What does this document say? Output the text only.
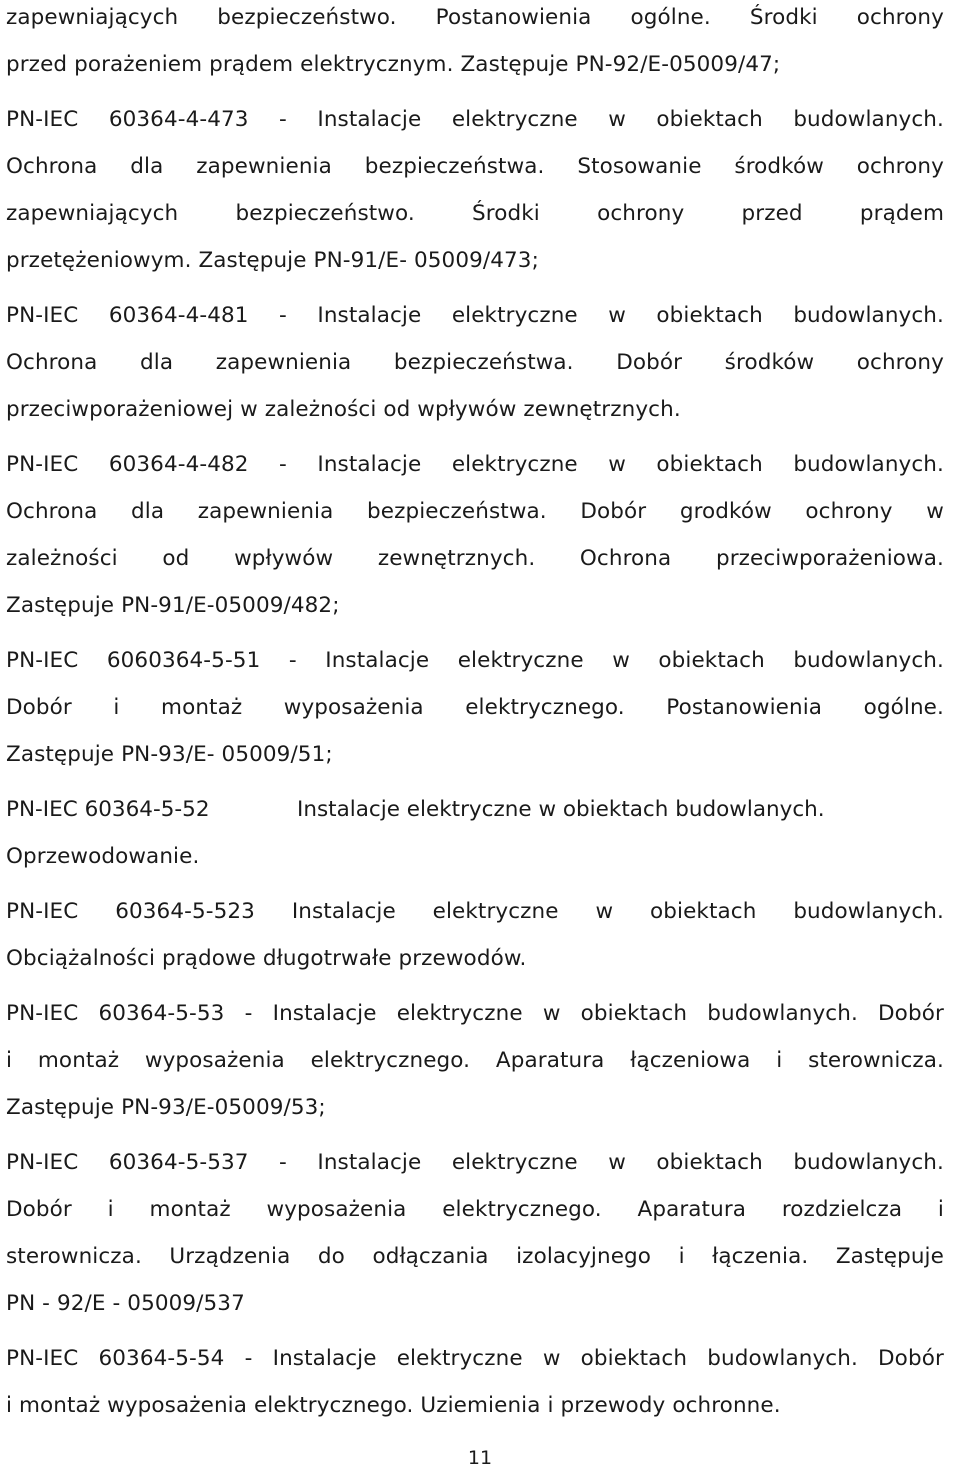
zapewniających bezpieczeństwo. Postanowienia ogólne. Środki ochrony
przed porażeniem prądem elektrycznym. Zastępuje PN-92/E-05009/47;
PN-IEC 60364-4-473 - Instalacje elektryczne w obiektach budowlanych.
Ochrona dla zapewnienia bezpieczeństwa. Stosowanie środków ochrony
zapewniających	bezpieczeństwo.	Środki	ochrony	przed	prądem
przetężeniowym. Zastępuje PN-91/E- 05009/473;
PN-IEC 60364-4-481 - Instalacje elektryczne w obiektach budowlanych.
Ochrona dla zapewnienia bezpieczeństwa. Dobór środków ochrony
przeciwporażeniowej w zależności od wpływów zewnętrznych.
PN-IEC 60364-4-482 - Instalacje elektryczne w obiektach budowlanych.
Ochrona dla zapewnienia bezpieczeństwa. Dobór grodków ochrony w
zależności od wpływów zewnętrznych. Ochrona przeciwporażeniowa.
Zastępuje PN-91/E-05009/482;
PN-IEC 6060364-5-51 - Instalacje elektryczne w obiektach budowlanych.
Dobór i montaż wyposażenia elektrycznego. Postanowienia ogólne.
Zastępuje PN-93/E- 05009/51;
PN-IEC 60364-5-52	Instalacje elektryczne w obiektach budowlanych.
Oprzewodowanie.
PN-IEC 60364-5-523 Instalacje elektryczne w obiektach budowlanych.
Obciążalności prądowe długotrwałe przewodów.
PN-IEC 60364-5-53 - Instalacje elektryczne w obiektach budowlanych. Dobór
i montaż wyposażenia elektrycznego. Aparatura łączeniowa i sterownicza.
Zastępuje PN-93/E-05009/53;
PN-IEC 60364-5-537 - Instalacje elektryczne w obiektach budowlanych.
Dobór i montaż wyposażenia elektrycznego. Aparatura rozdzielcza i
sterownicza. Urządzenia do odłączania izolacyjnego i łączenia. Zastępuje
PN - 92/E - 05009/537
PN-IEC 60364-5-54 - Instalacje elektryczne w obiektach budowlanych. Dobór
i montaż wyposażenia elektrycznego. Uziemienia i przewody ochronne.
11
